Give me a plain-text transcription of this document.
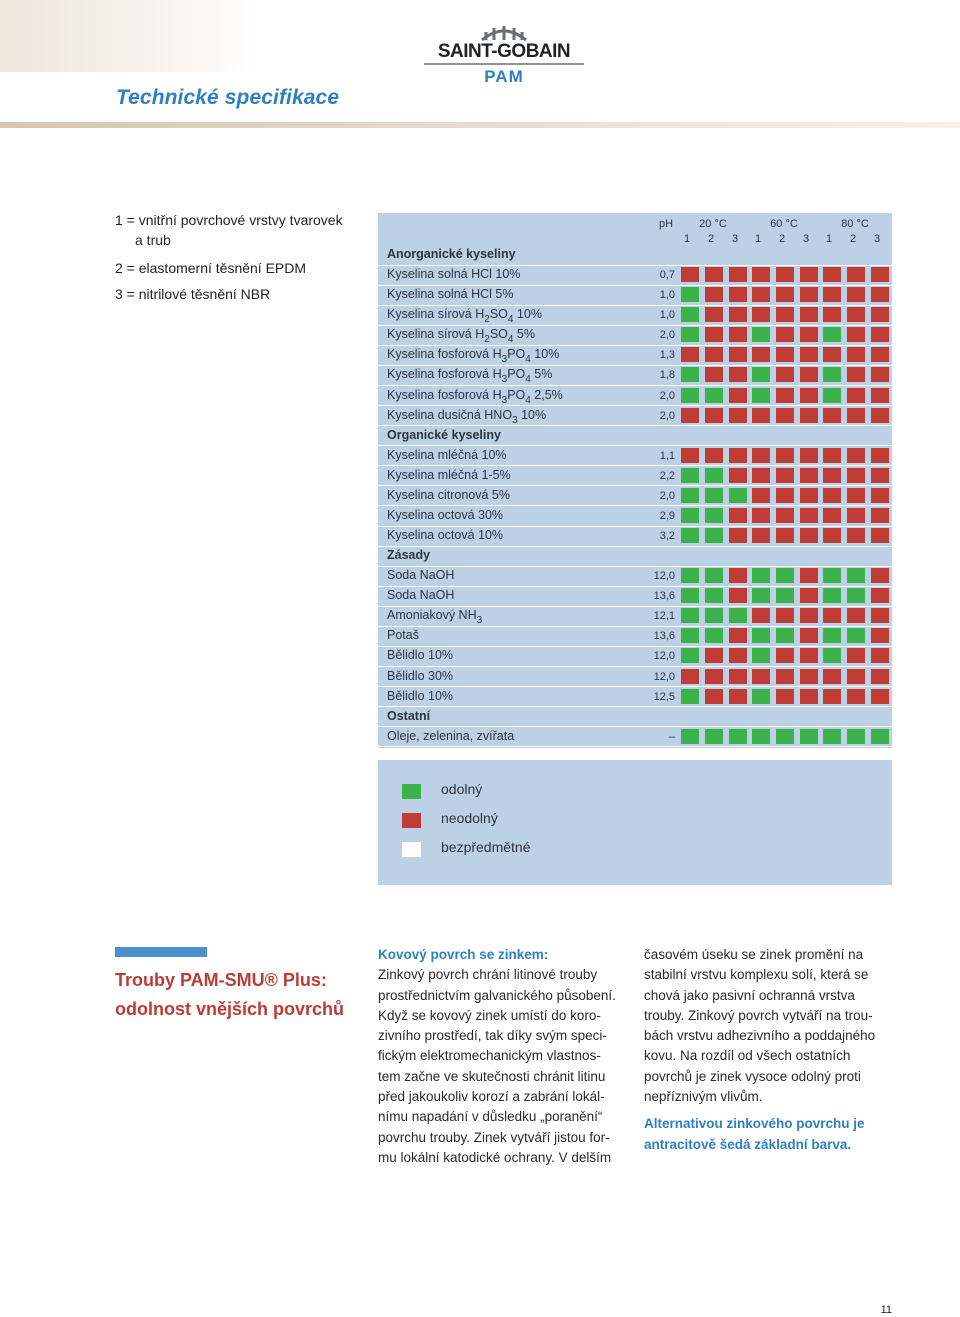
Technické specifikace
SAINT-GOBAIN
PAM
1 = vnitřní povrchové vrstvy tvarovek
a trub
2 = elastomerní těsnění EPDM
3 = nitrilové těsnění NBR
pH	20 °C
1	2	3
60 °C
1	2	3
80 °C
1	2	3
Anorganické kyseliny
Kyselina solná HCl 10%	0,7
Kyselina solná HCl 5%	1,0
Kyselina sírová $H_2SO_4$ 10%	1,0
Kyselina sírová $H_2SO_4$ 5%	2,0
Kyselina fosforová $H_3PO_4$ 10%	1,3
Kyselina fosforová $H_3PO_4$ 5%	1,8
Kyselina fosforová $H_3PO_4$ 2,5%	2,0
Kyselina dusičná $HNO_3$ 10%	2,0
Organické kyseliny
Kyselina mléčná 10%	1,1
Kyselina mléčná 1-5%	2,2
Kyselina citronová 5%	2,0
Kyselina octová 30%	2,9
Kyselina octová 10%	3,2
Zásady
Soda NaOH	12,0
Soda NaOH	13,6
Amoniakový $NH_3$	12,1
Potaš	13,6
Bělidlo 10%	12,0
Bělidlo 30%	12,0
Bělidlo 10%	12,5
Ostatní
Oleje, zelenina, zvířata	–
odolný
neodolný
bezpředmětné
Trouby PAM-SMU® Plus:
odolnost vnějších povrchů
Kovový povrch se zinkem:
Zinkový povrch chrání litinové trouby
prostřednictvím galvanického působení.
Když se kovový zinek umístí do koro-
zivního prostředí, tak díky svým speci-
fickým elektromechanickým vlastnos-
tem začne ve skutečnosti chránit litinu
před jakoukoliv korozí a zabrání lokál-
nímu napadání v důsledku „poranění“
povrchu trouby. Zinek vytváří jistou for-
mu lokální katodické ochrany. V delším
časovém úseku se zinek promění na
stabilní vrstvu komplexu solí, která se
chová jako pasivní ochranná vrstva
trouby. Zinkový povrch vytváří na trou-
bách vrstvu adhezivního a poddajného
kovu. Na rozdíl od všech ostatních
povrchů je zinek vysoce odolný proti
nepříznivým vlivům.
Alternativou zinkového povrchu je
antracitově šedá základní barva.
11
